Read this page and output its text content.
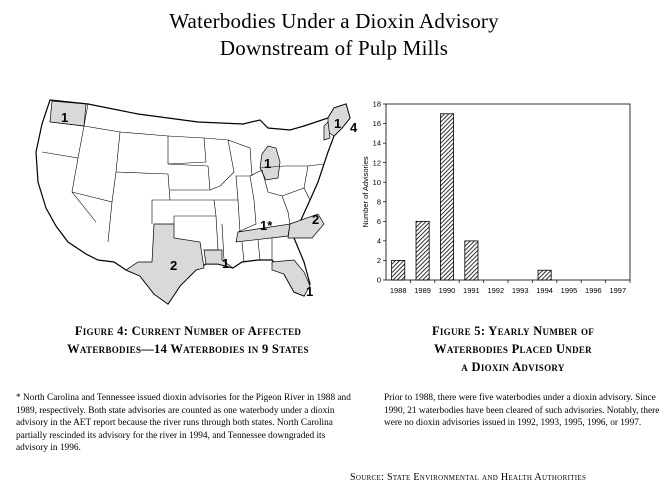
Waterbodies Under a Dioxin Advisory
Downstream of Pulp Mills
1	1
1
4
1*	2
2	1
1
0
2
4
6
8
10
12
14
16
18
1988 1989 1990 1991 1992 1993 1994 1995 1996 1997
Number of Advisories
Figure 4: Current Number of Affected
Waterbodies—14 Waterbodies in 9 States
Figure 5: Yearly Number of
Waterbodies Placed Under
a Dioxin Advisory
* North Carolina and Tennessee issued dioxin advisories for the Pigeon River in 1988 and 1989, respectively. Both state advisories are counted as one waterbody under a dioxin advisory in the AET report because the river runs through both states. North Carolina partially rescinded its advisory for the river in 1994, and Tennessee downgraded its advisory in 1996.
Prior to 1988, there were five waterbodies under a dioxin advisory. Since 1990, 21 waterbodies have been cleared of such advisories. Notably, there were no dioxin advisories issued in 1992, 1993, 1995, 1996, or 1997.
Source: State Environmental and Health Authorities
